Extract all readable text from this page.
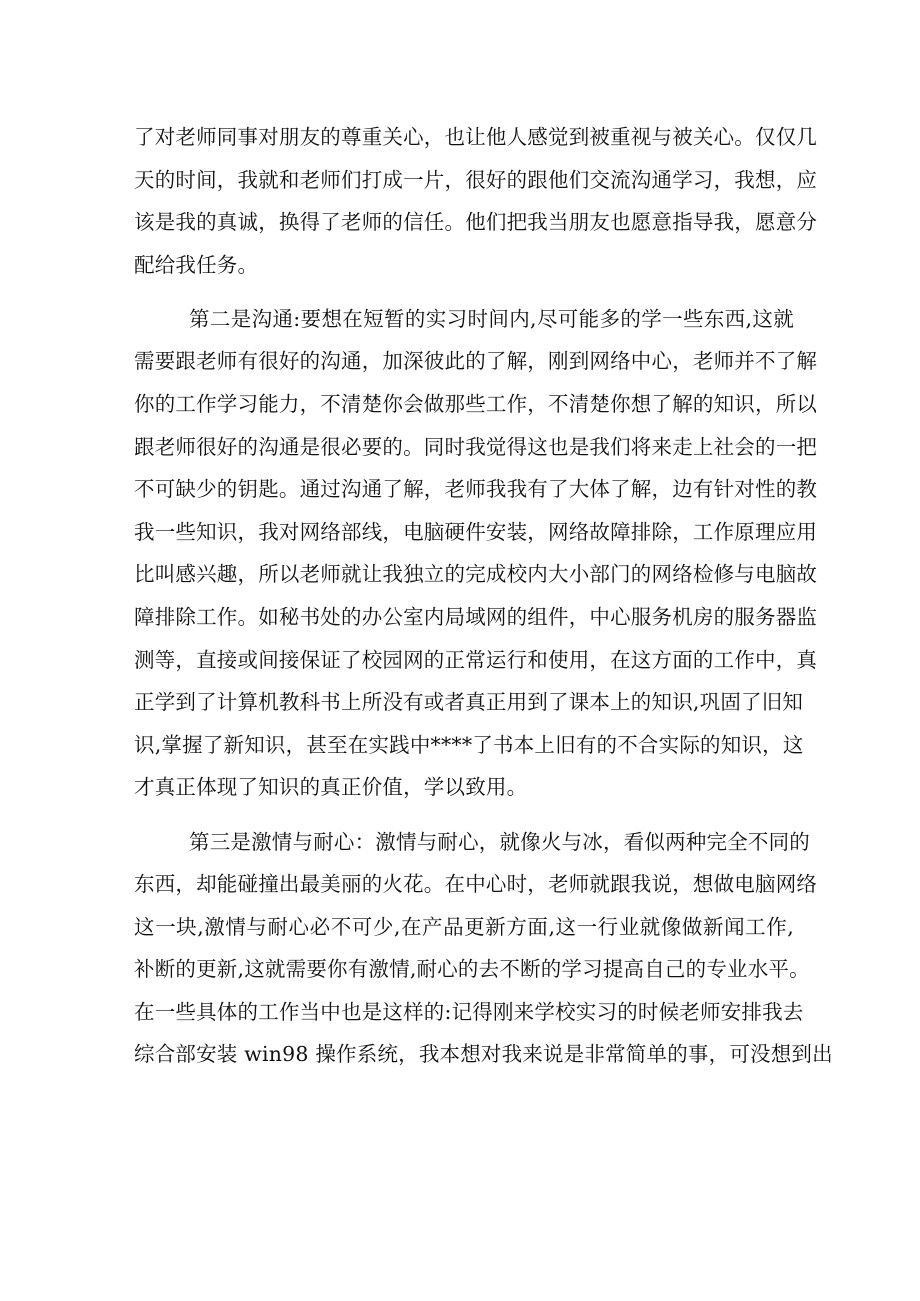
了对老师同事对朋友的尊重关心，也让他人感觉到被重视与被关心。仅仅几
天的时间，我就和老师们打成一片，很好的跟他们交流沟通学习，我想，应
该是我的真诚，换得了老师的信任。他们把我当朋友也愿意指导我，愿意分
配给我任务。
第二是沟通:要想在短暂的实习时间内,尽可能多的学一些东西,这就
需要跟老师有很好的沟通，加深彼此的了解，刚到网络中心，老师并不了解
你的工作学习能力，不清楚你会做那些工作，不清楚你想了解的知识，所以
跟老师很好的沟通是很必要的。同时我觉得这也是我们将来走上社会的一把
不可缺少的钥匙。通过沟通了解，老师我我有了大体了解，边有针对性的教
我一些知识，我对网络部线，电脑硬件安装，网络故障排除，工作原理应用
比叫感兴趣，所以老师就让我独立的完成校内大小部门的网络检修与电脑故
障排除工作。如秘书处的办公室内局域网的组件，中心服务机房的服务器监
测等，直接或间接保证了校园网的正常运行和使用，在这方面的工作中，真
正学到了计算机教科书上所没有或者真正用到了课本上的知识,巩固了旧知
识,掌握了新知识，甚至在实践中****了书本上旧有的不合实际的知识，这
才真正体现了知识的真正价值，学以致用。
第三是激情与耐心：激情与耐心，就像火与冰，看似两种完全不同的
东西，却能碰撞出最美丽的火花。在中心时，老师就跟我说，想做电脑网络
这一块,激情与耐心必不可少,在产品更新方面,这一行业就像做新闻工作,
补断的更新,这就需要你有激情,耐心的去不断的学习提高自己的专业水平。
在一些具体的工作当中也是这样的:记得刚来学校实习的时候老师安排我去
综合部安装 win98 操作系统，我本想对我来说是非常简单的事，可没想到出
